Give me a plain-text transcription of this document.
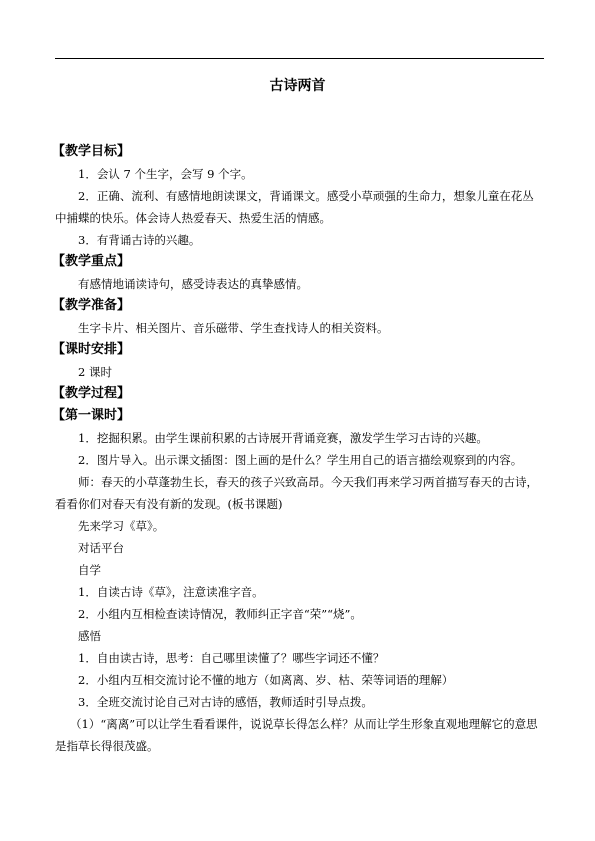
古诗两首
【教学目标】
1．会认 7 个生字，会写 9 个字。
2．正确、流利、有感情地朗读课文，背诵课文。感受小草顽强的生命力，想象儿童在花丛中捕蝶的快乐。体会诗人热爱春天、热爱生活的情感。
3．有背诵古诗的兴趣。
【教学重点】
有感情地诵读诗句，感受诗表达的真挚感情。
【教学准备】
生字卡片、相关图片、音乐磁带、学生查找诗人的相关资料。
【课时安排】
2 课时
【教学过程】
【第一课时】
1．挖掘积累。由学生课前积累的古诗展开背诵竞赛，激发学生学习古诗的兴趣。
2．图片导入。出示课文插图：图上画的是什么？学生用自己的语言描绘观察到的内容。
师：春天的小草蓬勃生长，春天的孩子兴致高昂。今天我们再来学习两首描写春天的古诗，看看你们对春天有没有新的发现。(板书课题)
先来学习《草》。
对话平台
自学
1．自读古诗《草》，注意读准字音。
2．小组内互相检查读诗情况，教师纠正字音“荣”“烧”。
感悟
1．自由读古诗，思考：自己哪里读懂了？哪些字词还不懂？
2．小组内互相交流讨论不懂的地方（如离离、岁、枯、荣等词语的理解）
3．全班交流讨论自己对古诗的感悟，教师适时引导点拨。
（1）“离离”可以让学生看看课件，说说草长得怎么样？从而让学生形象直观地理解它的意思是指草长得很茂盛。
